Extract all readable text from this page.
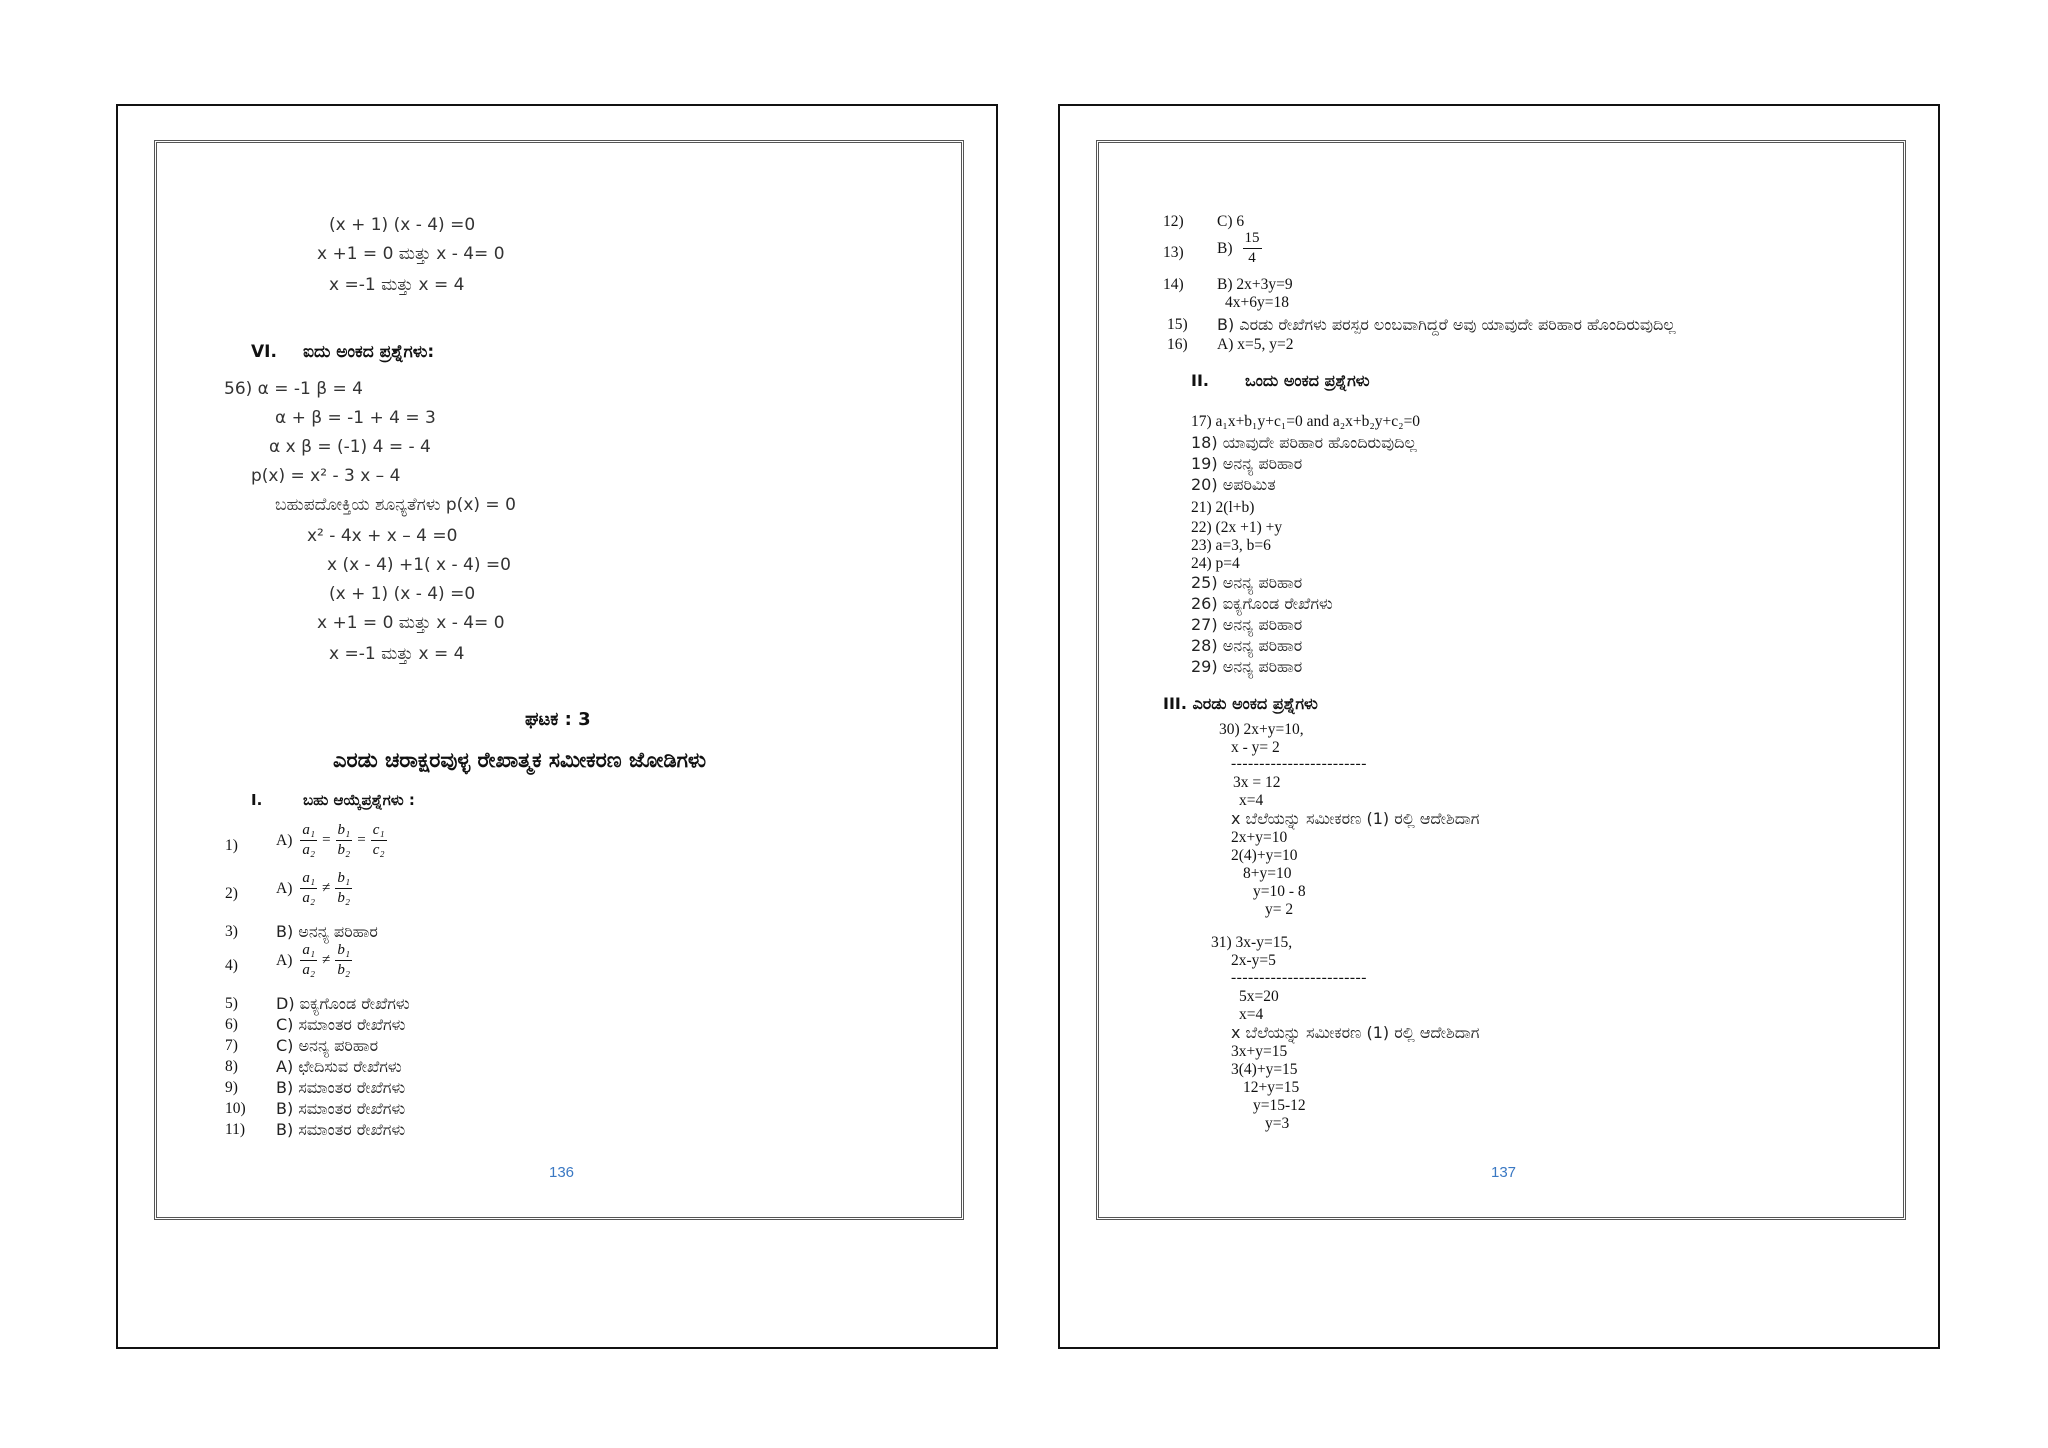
(x + 1) (x - 4) =0
x +1 = 0 ಮತ್ತು x - 4= 0
x =-1 ಮತ್ತು x = 4
VI. ಐದು ಅಂಕದ ಪ್ರಶ್ನೆಗಳು:
56) α = -1 β = 4
α + β = -1 + 4 = 3
α x β = (-1) 4 = - 4
p(x) = x² - 3 x – 4
ಬಹುಪದೋಕ್ತಿಯ ಶೂನ್ಯತೆಗಳು p(x) = 0
x² - 4x + x – 4 =0
x (x - 4) +1( x - 4) =0
(x + 1) (x - 4) =0
x +1 = 0 ಮತ್ತು x - 4= 0
x =-1 ಮತ್ತು x = 4
ಘಟಕ : 3
ಎರಡು ಚರಾಕ್ಷರವುಳ್ಳ ರೇಖಾತ್ಮಕ ಸಮೀಕರಣ ಜೋಡಿಗಳು
I.	ಬಹು ಆಯ್ಕೆಪ್ರಶ್ನೆಗಳು :
1) $A) \frac{\text{a₁}}{\text{a₂}} = \frac{\text{b₁}}{\text{b₂}} = \frac{\text{c₁}}{\text{c₂}}$
2) $A) \frac{\text{a₁}}{\text{a₂}} \ne \frac{\text{b₁}}{\text{b₂}}$
3) B) ಅನನ್ಯ ಪರಿಹಾರ
4) $A) \frac{\text{a₁}}{\text{a₂}} \ne \frac{\text{b₁}}{\text{b₂}}$
5) D) ಐಕ್ಯಗೊಂಡ ರೇಖೆಗಳು
6) C) ಸಮಾಂತರ ರೇಖೆಗಳು
7) C) ಅನನ್ಯ ಪರಿಹಾರ
8) A) ಛೇದಿಸುವ ರೇಖೆಗಳು
9) B) ಸಮಾಂತರ ರೇಖೆಗಳು
10) B) ಸಮಾಂತರ ರೇಖೆಗಳು
11) B) ಸಮಾಂತರ ರೇಖೆಗಳು
136
12) C) 6
13) $B) \frac{15}{4}$
14) B) 2x+3y=9
4x+6y=18
15) B) ಎರಡು ರೇಖೆಗಳು ಪರಸ್ಪರ ಲಂಬವಾಗಿದ್ದರೆ ಅವು ಯಾವುದೇ ಪರಿಹಾರ ಹೊಂದಿರುವುದಿಲ್ಲ
16) A) x=5, y=2
II. ಒಂದು ಅಂಕದ ಪ್ರಶ್ನೆಗಳು
17) a₁x+b₁y+c₁=0 and a₂x+b₂y+c₂=0
18) ಯಾವುದೇ ಪರಿಹಾರ ಹೊಂದಿರುವುದಿಲ್ಲ
19) ಅನನ್ಯ ಪರಿಹಾರ
20) ಅಪರಿಮಿತ
21) 2(l+b)
22) (2x +1) +y
23) a=3, b=6
24) p=4
25) ಅನನ್ಯ ಪರಿಹಾರ
26) ಐಕ್ಯಗೊಂಡ ರೇಖೆಗಳು
27) ಅನನ್ಯ ಪರಿಹಾರ
28) ಅನನ್ಯ ಪರಿಹಾರ
29) ಅನನ್ಯ ಪರಿಹಾರ
III. ಎರಡು ಅಂಕದ ಪ್ರಶ್ನೆಗಳು
30) 2x+y=10,
x - y= 2
------------------------
3x = 12
x=4
x ಬೆಲೆಯನ್ನು ಸಮೀಕರಣ (1) ರಲ್ಲಿ ಆದೇಶಿದಾಗ
2x+y=10
2(4)+y=10
8+y=10
y=10 - 8
y= 2
31) 3x-y=15,
2x-y=5
------------------------
5x=20
x=4
x ಬೆಲೆಯನ್ನು ಸಮೀಕರಣ (1) ರಲ್ಲಿ ಆದೇಶಿದಾಗ
3x+y=15
3(4)+y=15
12+y=15
y=15-12
y=3
137
